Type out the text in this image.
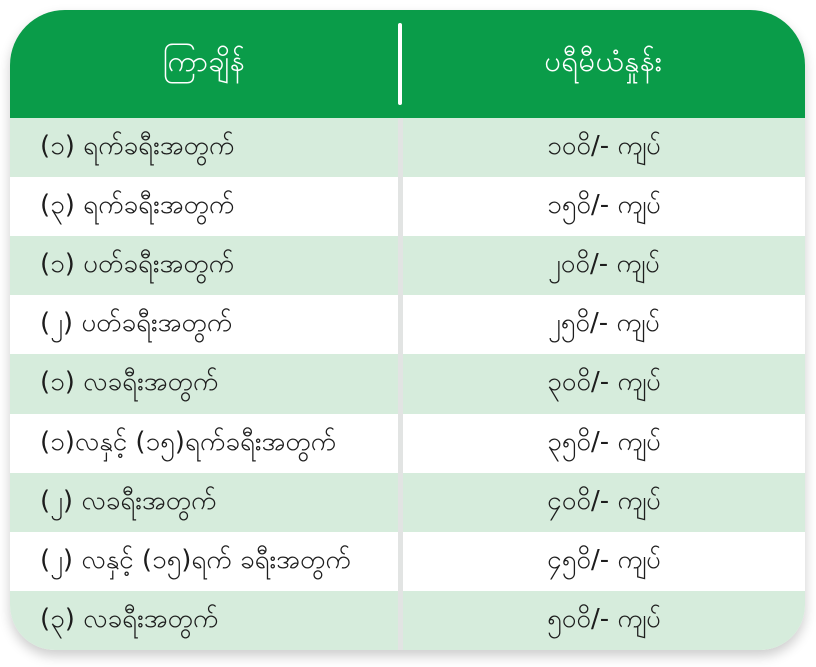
ကြာချိန်	ပရီမီယံနှုန်း
(၁) ရက်ခရီးအတွက်	၁၀၀ိ/- ကျပ်
(၃) ရက်ခရီးအတွက်	၁၅၀ိ/- ကျပ်
(၁) ပတ်ခရီးအတွက်	၂၀၀ိ/- ကျပ်
(၂) ပတ်ခရီးအတွက်	၂၅၀ိ/- ကျပ်
(၁) လခရီးအတွက်	၃၀၀ိ/- ကျပ်
(၁)လနှင့် (၁၅)ရက်ခရီးအတွက်	၃၅၀ိ/- ကျပ်
(၂) လခရီးအတွက်	၄၀၀ိ/- ကျပ်
(၂) လနှင့် (၁၅)ရက် ခရီးအတွက်	၄၅၀ိ/- ကျပ်
(၃) လခရီးအတွက်	၅၀၀ိ/- ကျပ်
